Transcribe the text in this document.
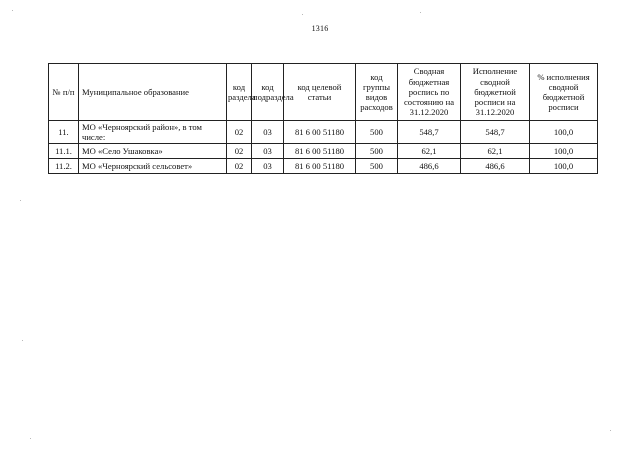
1316
№ п/п	Муниципальное образование	код раздела	код подраздела	код целевой статьи	код группы видов расходов	Сводная бюджетная роспись по состоянию на 31.12.2020	Исполнение сводной бюджетной росписи на 31.12.2020	% исполнения сводной бюджетной росписи
11.	МО «Черноярский район», в том числе:	02	03	81 6 00 51180	500	548,7	548,7	100,0
11.1.	МО «Село Ушаковка»	02	03	81 6 00 51180	500	62,1	62,1	100,0
11.2.	МО «Черноярский сельсовет»	02	03	81 6 00 51180	500	486,6	486,6	100,0
